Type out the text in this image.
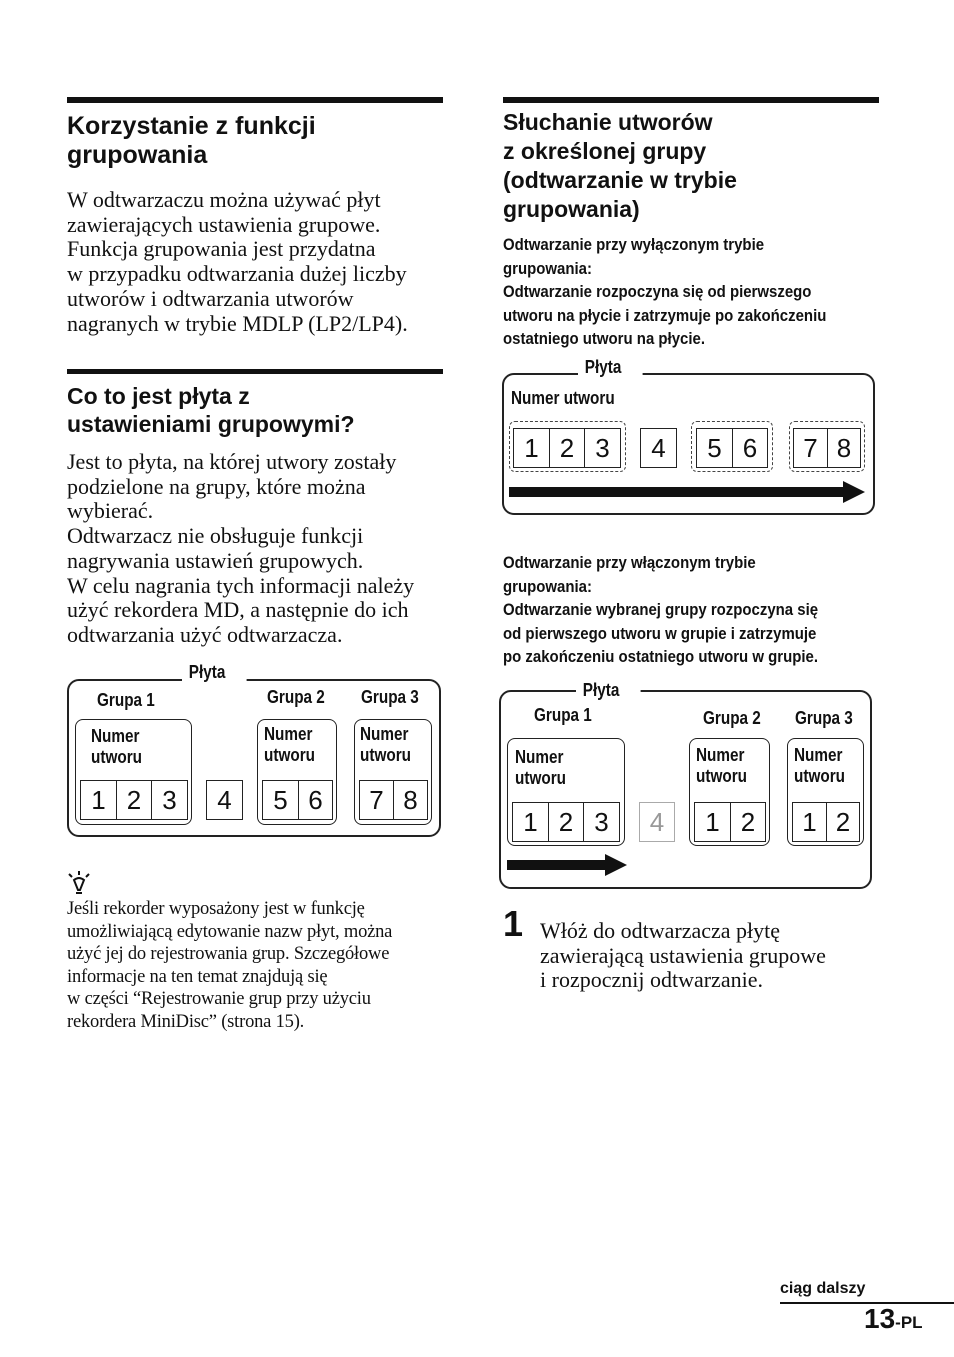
Korzystanie z funkcji
grupowania
W odtwarzaczu można używać płyt
zawierających ustawienia grupowe.
Funkcja grupowania jest przydatna
w przypadku odtwarzania dużej liczby
utworów i odtwarzania utworów
nagranych w trybie MDLP (LP2/LP4).
Co to jest płyta z
ustawieniami grupowymi?
Jest to płyta, na której utwory zostały
podzielone na grupy, które można
wybierać.
Odtwarzacz nie obsługuje funkcji
nagrywania ustawień grupowych.
W celu nagrania tych informacji należy
użyć rekordera MD, a następnie do ich
odtwarzania użyć odtwarzacza.
Płyta
Grupa 1	Grupa 2 Grupa 3
Numer
utworu
1 2 3	4
Numer
utworu
5 6
Numer
utworu
7 8
Jeśli rekorder wyposażony jest w funkcję
umożliwiającą edytowanie nazw płyt, można
użyć jej do rejestrowania grup. Szczegółowe
informacje na ten temat znajdują się
w części “Rejestrowanie grup przy użyciu
rekordera MiniDisc” (strona 15).
Słuchanie utworów
z określonej grupy
(odtwarzanie w trybie
grupowania)
Odtwarzanie przy wyłączonym trybie
grupowania:
Odtwarzanie rozpoczyna się od pierwszego
utworu na płycie i zatrzymuje po zakończeniu
ostatniego utworu na płycie.
Płyta
Numer utworu
1 2 3	4	5 6	7 8
Odtwarzanie przy włączonym trybie
grupowania:
Odtwarzanie wybranej grupy rozpoczyna się
od pierwszego utworu w grupie i zatrzymuje
po zakończeniu ostatniego utworu w grupie.
Płyta
Grupa 1	Grupa 2 Grupa 3
Numer
utworu
1 2 3	4
Numer
utworu
1 2
Numer
utworu
1 2
1 Włóż do odtwarzacza płytę
zawierającą ustawienia grupowe
i rozpocznij odtwarzanie.
ciąg dalszy
13-PL
